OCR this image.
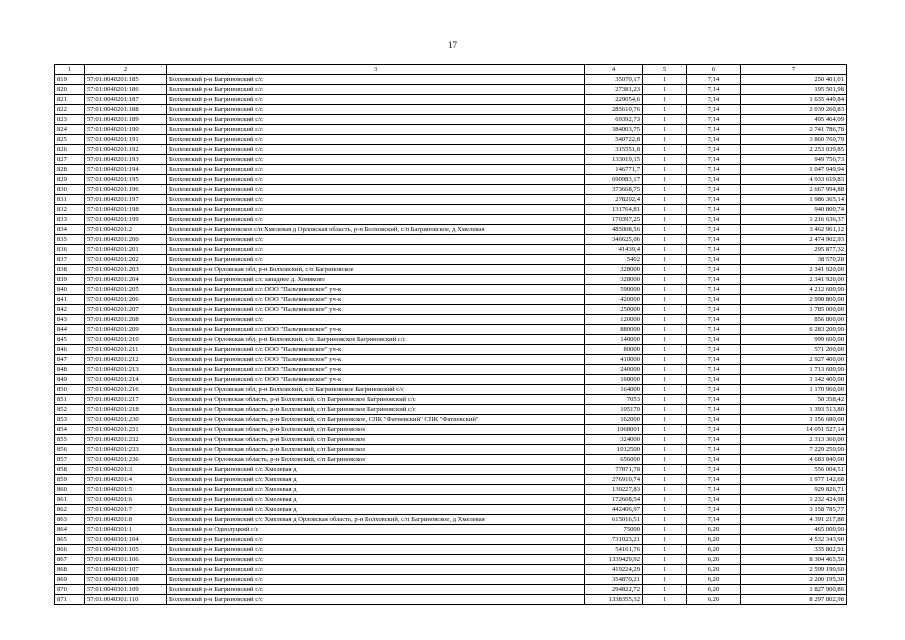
17
1	2	3	4	5	6	7
819	57:01:0040201:185	Болховский р-н Багриновский с/с	35070,17	1	7,14	250 401,01
820	57:01:0040201:186	Болховский р-н Багриновский с/с	27381,23	1	7,14	195 501,98
821	57:01:0040201:187	Болховский р-н Багриновский с/с	229054,6	1	7,14	1 635 449,84
822	57:01:0040201:188	Болховский р-н Багриновский с/с	285610,76	1	7,14	2 039 260,83
823	57:01:0040201:189	Болховский р-н Багриновский с/с	69392,73	1	7,14	495 464,09
824	57:01:0040201:190	Болховский р-н Багриновский с/с	384003,75	1	7,14	2 741 786,78
825	57:01:0040201:191	Болховский р-н Багриновский с/с	540722,8	1	7,14	3 860 760,79
826	57:01:0040201:192	Болховский р-н Багриновский с/с	315551,8	1	7,14	2 253 039,85
827	57:01:0040201:193	Болховский р-н Багриновский с/с	133019,15	1	7,14	949 756,73
828	57:01:0040201:194	Болховский р-н Багриновский с/с	146771,7	1	7,14	1 047 949,94
829	57:01:0040201:195	Болховский р-н Багриновский с/с	690983,17	1	7,14	4 933 619,83
830	57:01:0040201:196	Болховский р-н Багриновский с/с	373668,75	1	7,14	2 667 994,88
831	57:01:0040201:197	Болховский р-н Багриновский с/с	278202,4	1	7,14	1 986 365,14
832	57:01:0040201:198	Болховский р-н Багриновский с/с	131764,81	1	7,14	940 800,74
833	57:01:0040201:199	Болховский р-н Багриновский с/с	170397,25	1	7,14	1 216 636,37
834	57:01:0040201:2	Болховский р-н Багриновское с/п Хмелевая д Орловская область, р-н Болховский, с/п Багриновское, д Хмелевая	485008,56	1	7,14	3 462 961,12
835	57:01:0040201:200	Болховский р-н Багриновский с/с	346625,06	1	7,14	2 474 902,93
836	57:01:0040201:201	Болховский р-н Багриновский с/с	41439,4	1	7,14	295 877,32
837	57:01:0040201:202	Болховский р-н Багриновский с/с	5402	1	7,14	38 570,28
838	57:01:0040201:203	Болховский р-н Орловская обл, р-н Болховский, с/п Багриновское	328000	1	7,14	2 341 920,00
839	57:01:0040201:204	Болховский р-н Багриновский с/с западнее д. Хомяково	328000	1	7,14	2 341 920,00
840	57:01:0040201:205	Болховский р-н Багриновский с/с ООО "Пальчиковское" уч-к	590000	1	7,14	4 212 600,00
841	57:01:0040201:206	Болховский р-н Багриновский с/с ООО "Пальчиковское" уч-к	420000	1	7,14	2 998 800,00
842	57:01:0040201:207	Болховский р-н Багриновский с/с ООО "Пальчиковское" уч-к	250000	1	7,14	1 785 000,00
843	57:01:0040201:208	Болховский р-н Багриновский с/с	120000	1	7,14	856 800,00
844	57:01:0040201:209	Болховский р-н Багриновский с/с ООО "Пальчиковское" уч-к	880000	1	7,14	6 283 200,00
845	57:01:0040201:210	Болховский р-н Орловская обл, р-н Болховский, с/п. Багриновское Багриновский с/с	140000	1	7,14	999 600,00
846	57:01:0040201:211	Болховский р-н Багриновский с/с ООО "Пальчиковское" уч-к	80000	1	7,14	571 200,00
847	57:01:0040201:212	Болховский р-н Багриновский с/с ООО "Пальчиковское" уч-к	410000	1	7,14	2 927 400,00
848	57:01:0040201:213	Болховский р-н Багриновский с/с ООО "Пальчиковское" уч-к	240000	1	7,14	1 713 600,00
849	57:01:0040201:214	Болховский р-н Багриновский с/с ООО "Пальчиковское" уч-к	160000	1	7,14	1 142 400,00
850	57:01:0040201:216	Болховский р-н Орловская обл, р-н Болховский, с/п Багриновское Багриновский с/с	164000	1	7,14	1 170 960,00
851	57:01:0040201:217	Болховский р-н Орловская область, р-н Болховский, с/п Багриновское Багриновский с/с	7053	1	7,14	50 358,42
852	57:01:0040201:218	Болховский р-н Орловская область, р-н Болховский, с/п Багриновское Багриновский с/с	195170	1	7,14	1 393 513,80
853	57:01:0040201:230	Болховский р-н Орловская область, р-н Болховский, с/п Багриновское, СПК "Фатневский" СПК "Фатневский"	162000	1	7,14	1 156 680,00
854	57:01:0040201:231	Болховский р-н Орловская область, р-н Болховский, с/п Багриновское	1968001	1	7,14	14 051 527,14
855	57:01:0040201:232	Болховский р-н Орловская область, р-н Болховский, с/п Багриновское	324000	1	7,14	2 313 360,00
856	57:01:0040201:233	Болховский р-н Орловская область, р-н Болховский, с/п Багриновское	1012500	1	7,14	7 229 250,00
857	57:01:0040201:236	Болховский р-н Орловская область, р-н Болховский, с/п Багриновское	656000	1	7,14	4 683 840,00
858	57:01:0040201:3	Болховский р-н Багриновский с/с Хмелевая д	77871,78	1	7,14	556 004,51
859	57:01:0040201:4	Болховский р-н Багриновский с/с Хмелевая д	276910,74	1	7,14	1 977 142,68
860	57:01:0040201:5	Болховский р-н Багриновский с/с Хмелевая д	130227,83	1	7,14	929 826,71
861	57:01:0040201:6	Болховский р-н Багриновский с/с Хмелевая д	172608,54	1	7,14	1 232 424,98
862	57:01:0040201:7	Болховский р-н Багриновский с/с Хмелевая д	442406,97	1	7,14	3 158 785,77
863	57:01:0040201:8	Болховский р-н Багриновский с/с Хмелевая д Орловская область, р-н Болховский, с/п Багриновское, д Хмелевая	615016,51	1	7,14	4 391 217,88
864	57:01:0040301:1	Болховский р-н Однолуцкий с/с	75000	1	6,20	465 000,00
865	57:01:0040301:104	Болховский р-н Багриновский с/с	731023,21	1	6,20	4 532 343,90
866	57:01:0040301:105	Болховский р-н Багриновский с/с	54161,76	1	6,20	335 802,91
867	57:01:0040301:106	Болховский р-н Багриновский с/с	1339429,92	1	6,20	8 304 465,50
868	57:01:0040301:107	Болховский р-н Багриновский с/с	419224,29	1	6,20	2 599 190,60
869	57:01:0040301:108	Болховский р-н Багриновский с/с	354870,21	1	6,20	2 200 195,30
870	57:01:0040301:109	Болховский р-н Багриновский с/с	294822,72	1	6,20	1 827 900,86
871	57:01:0040301:110	Болховский р-н Багриновский с/с	1338355,32	1	6,20	8 297 802,98
